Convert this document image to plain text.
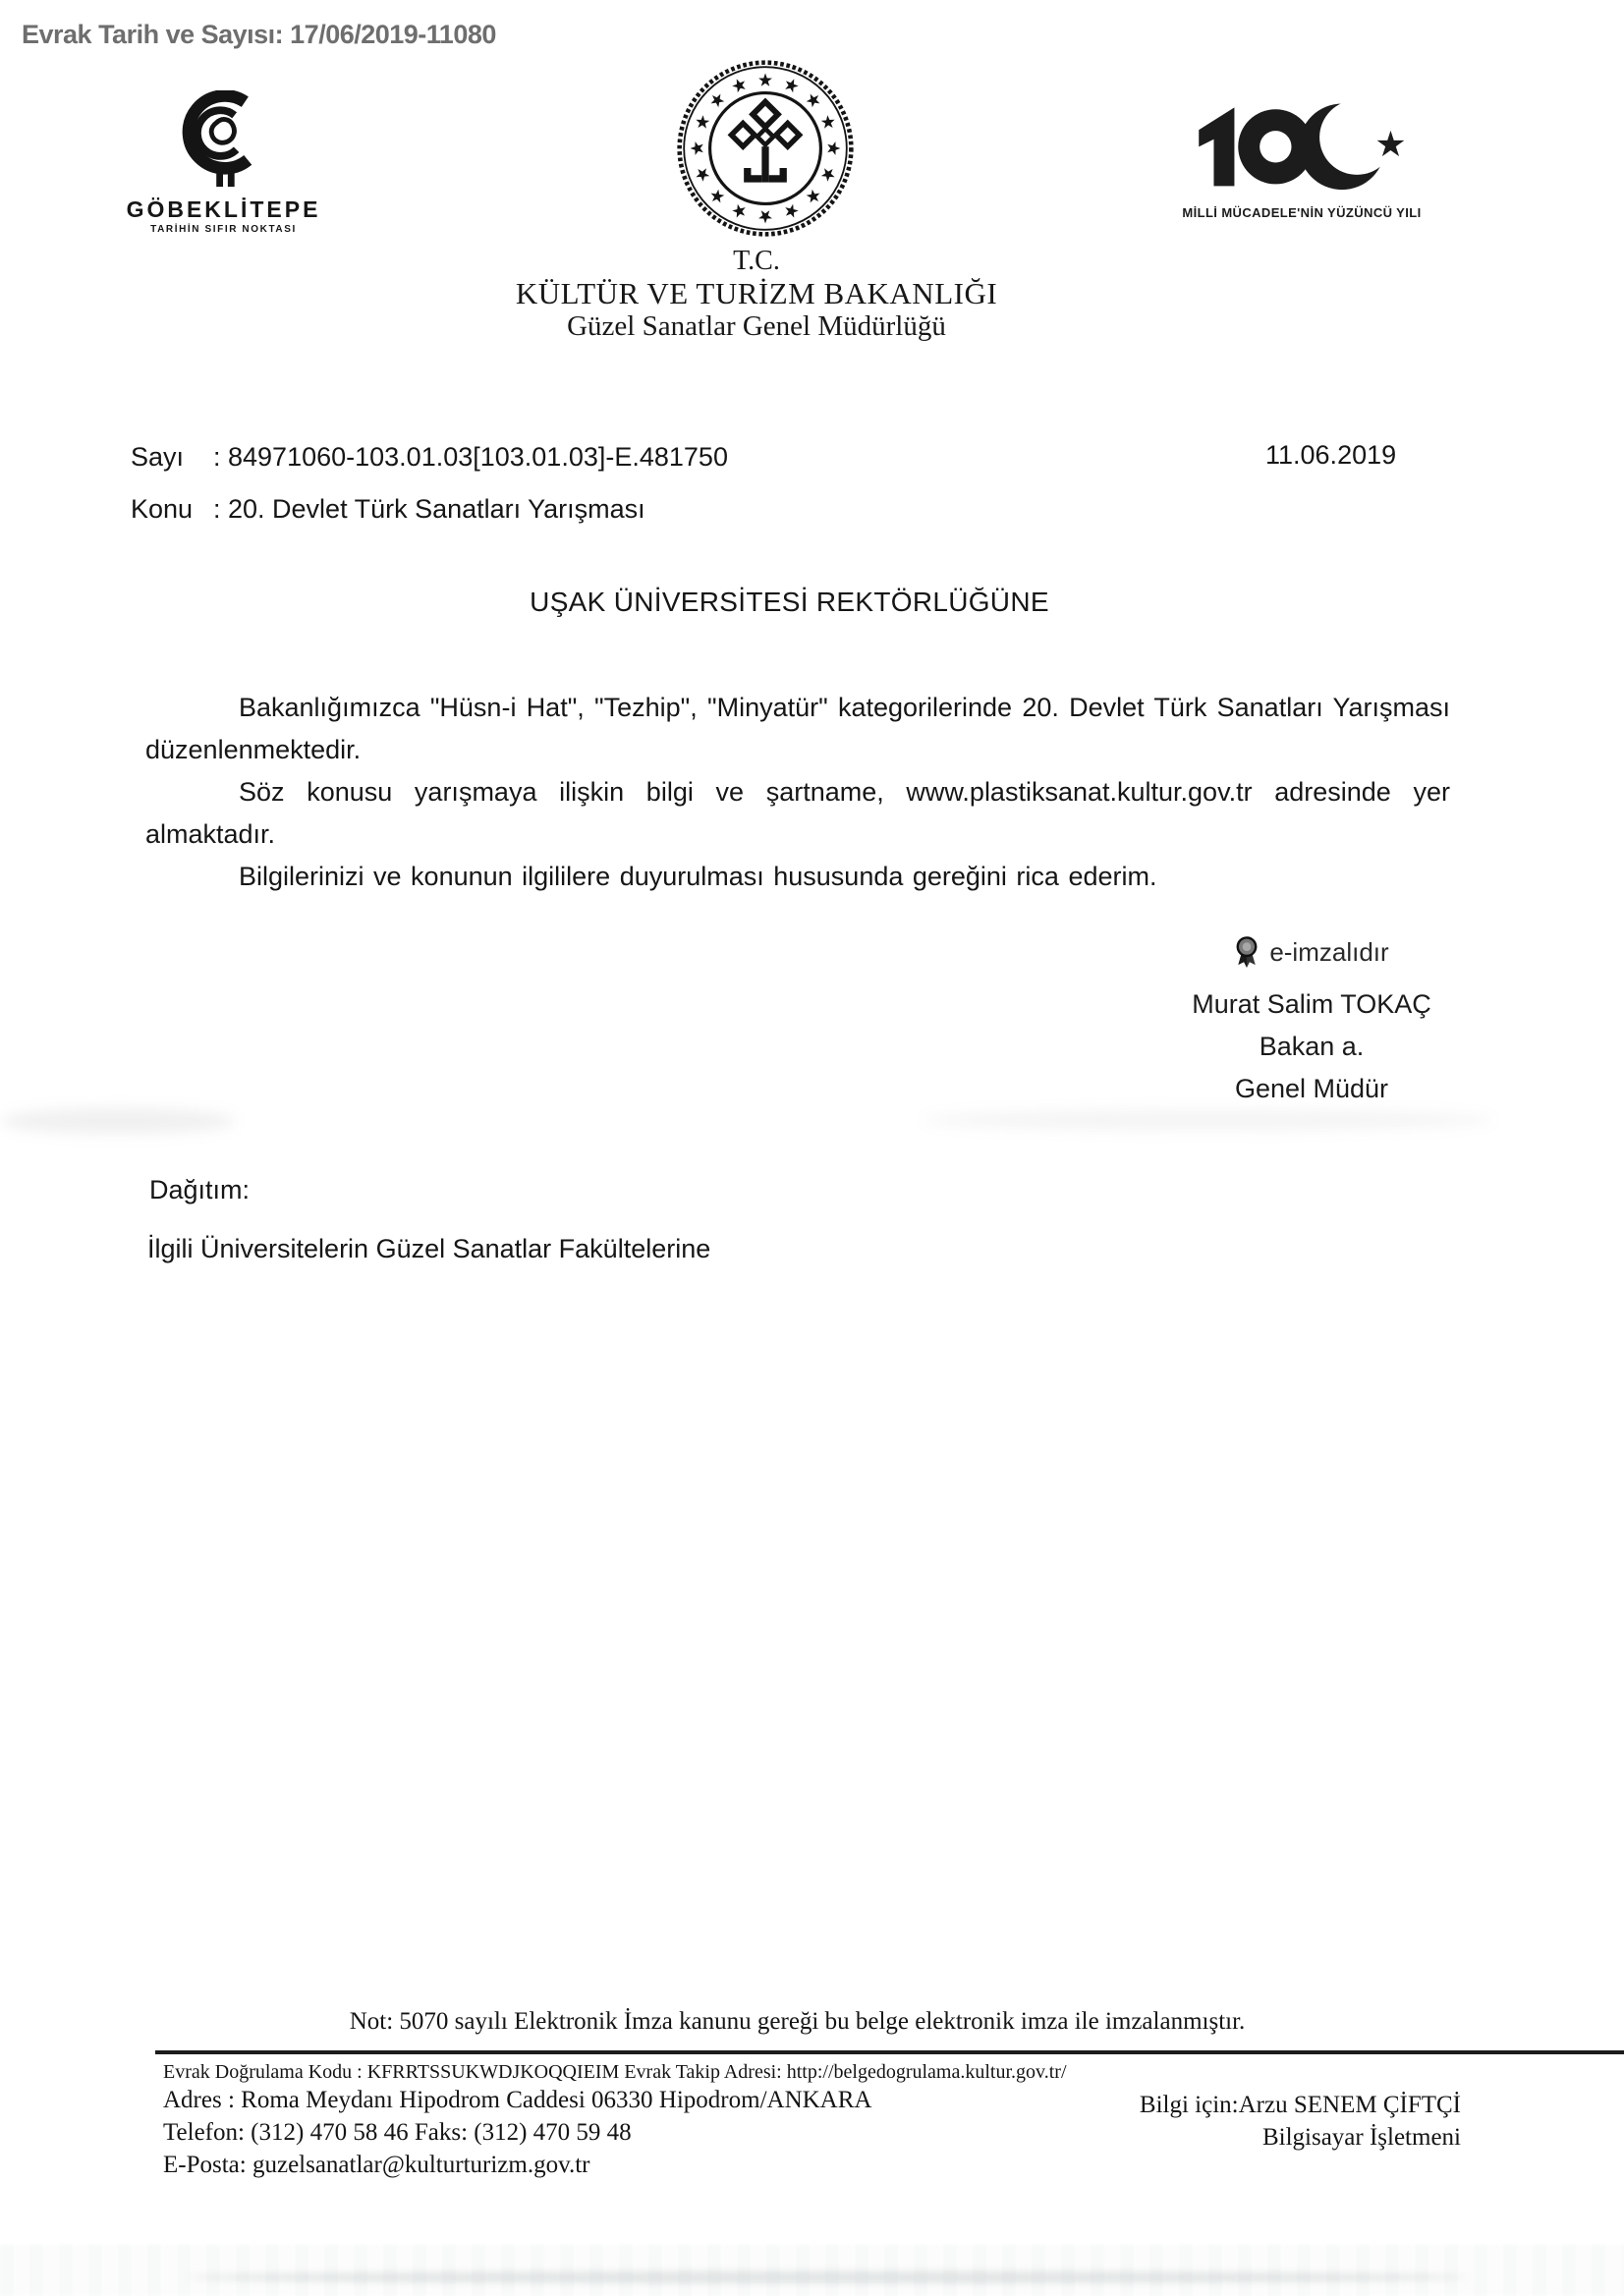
Evrak Tarih ve Sayısı: 17/06/2019-11080
GÖBEKLİTEPE
TARİHİN SIFIR NOKTASI
T.C.
KÜLTÜR VE TURİZM BAKANLIĞI
Güzel Sanatlar Genel Müdürlüğü
★
MİLLİ MÜCADELE'NİN YÜZÜNCÜ YILI
Sayı : 84971060-103.01.03[103.01.03]-E.481750
Konu : 20. Devlet Türk Sanatları Yarışması
11.06.2019
UŞAK ÜNİVERSİTESİ REKTÖRLÜĞÜNE

Bakanlığımızca "Hüsn-i Hat", "Tezhip", "Minyatür" kategorilerinde 20. Devlet Türk Sanatları Yarışması düzenlenmektedir.

Söz konusu yarışmaya ilişkin bilgi ve şartname, www.plastiksanat.kultur.gov.tr adresinde yer almaktadır.

Bilgilerinizi ve konunun ilgililere duyurulması hususunda gereğini rica ederim.

e-imzalıdır
Murat Salim TOKAÇ
Bakan a.
Genel Müdür
Dağıtım:
İlgili Üniversitelerin Güzel Sanatlar Fakültelerine
Not: 5070 sayılı Elektronik İmza kanunu gereği bu belge elektronik imza ile imzalanmıştır.
Evrak Doğrulama Kodu : KFRRTSSUKWDJKOQQIEIM Evrak Takip Adresi: http://belgedogrulama.kultur.gov.tr/
Adres : Roma Meydanı Hipodrom Caddesi 06330 Hipodrom/ANKARA
Telefon: (312) 470 58 46 Faks: (312) 470 59 48
E-Posta: guzelsanatlar@kulturturizm.gov.tr
Bilgi için:Arzu SENEM ÇİFTÇİ
Bilgisayar İşletmeni
